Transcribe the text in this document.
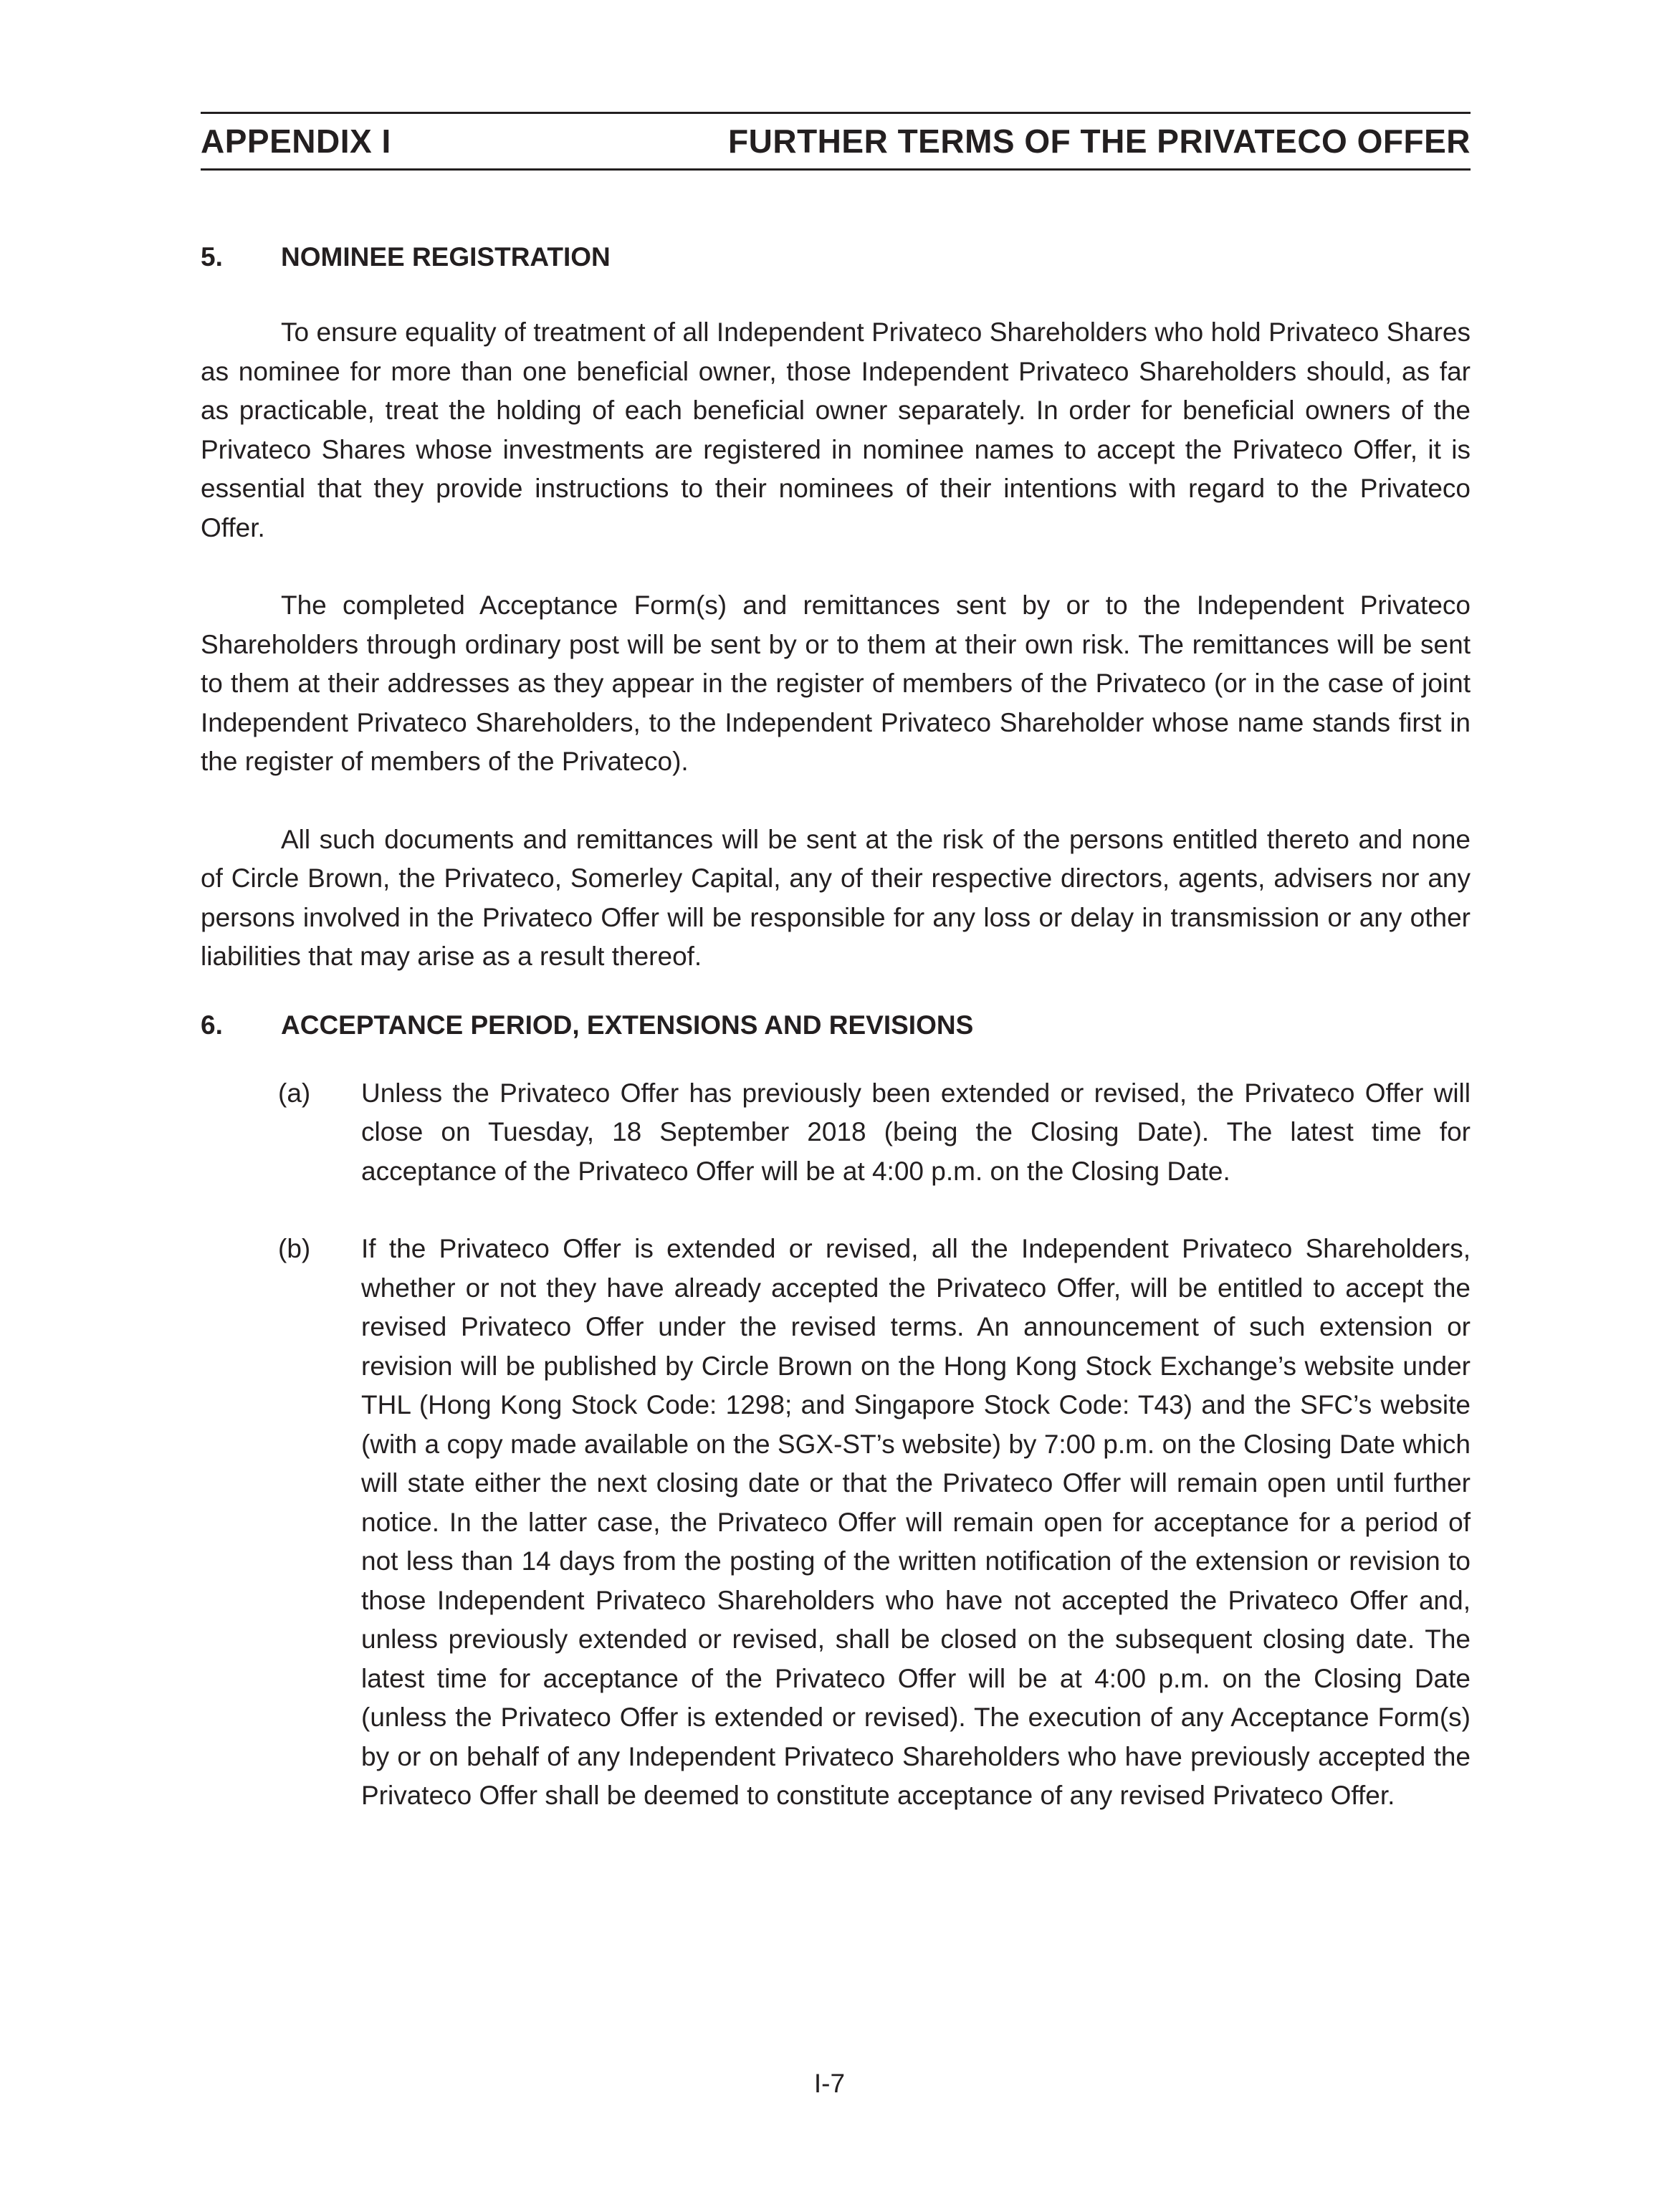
APPENDIX I	FURTHER TERMS OF THE PRIVATECO OFFER
5.	NOMINEE REGISTRATION

To ensure equality of treatment of all Independent Privateco Shareholders who hold Privateco Shares as nominee for more than one beneficial owner, those Independent Privateco Shareholders should, as far as practicable, treat the holding of each beneficial owner separately. In order for beneficial owners of the Privateco Shares whose investments are registered in nominee names to accept the Privateco Offer, it is essential that they provide instructions to their nominees of their intentions with regard to the Privateco Offer.

The completed Acceptance Form(s) and remittances sent by or to the Independent Privateco Shareholders through ordinary post will be sent by or to them at their own risk. The remittances will be sent to them at their addresses as they appear in the register of members of the Privateco (or in the case of joint Independent Privateco Shareholders, to the Independent Privateco Shareholder whose name stands first in the register of members of the Privateco).

All such documents and remittances will be sent at the risk of the persons entitled thereto and none of Circle Brown, the Privateco, Somerley Capital, any of their respective directors, agents, advisers nor any persons involved in the Privateco Offer will be responsible for any loss or delay in transmission or any other liabilities that may arise as a result thereof.

6.	ACCEPTANCE PERIOD, EXTENSIONS AND REVISIONS
(a)	Unless the Privateco Offer has previously been extended or revised, the Privateco Offer will close on Tuesday, 18 September 2018 (being the Closing Date). The latest time for acceptance of the Privateco Offer will be at 4:00 p.m. on the Closing Date.
(b)	If the Privateco Offer is extended or revised, all the Independent Privateco Shareholders, whether or not they have already accepted the Privateco Offer, will be entitled to accept the revised Privateco Offer under the revised terms. An announcement of such extension or revision will be published by Circle Brown on the Hong Kong Stock Exchange’s website under THL (Hong Kong Stock Code: 1298; and Singapore Stock Code: T43) and the SFC’s website (with a copy made available on the SGX-ST’s website) by 7:00 p.m. on the Closing Date which will state either the next closing date or that the Privateco Offer will remain open until further notice. In the latter case, the Privateco Offer will remain open for acceptance for a period of not less than 14 days from the posting of the written notification of the extension or revision to those Independent Privateco Shareholders who have not accepted the Privateco Offer and, unless previously extended or revised, shall be closed on the subsequent closing date. The latest time for acceptance of the Privateco Offer will be at 4:00 p.m. on the Closing Date (unless the Privateco Offer is extended or revised). The execution of any Acceptance Form(s) by or on behalf of any Independent Privateco Shareholders who have previously accepted the Privateco Offer shall be deemed to constitute acceptance of any revised Privateco Offer.
I-7
